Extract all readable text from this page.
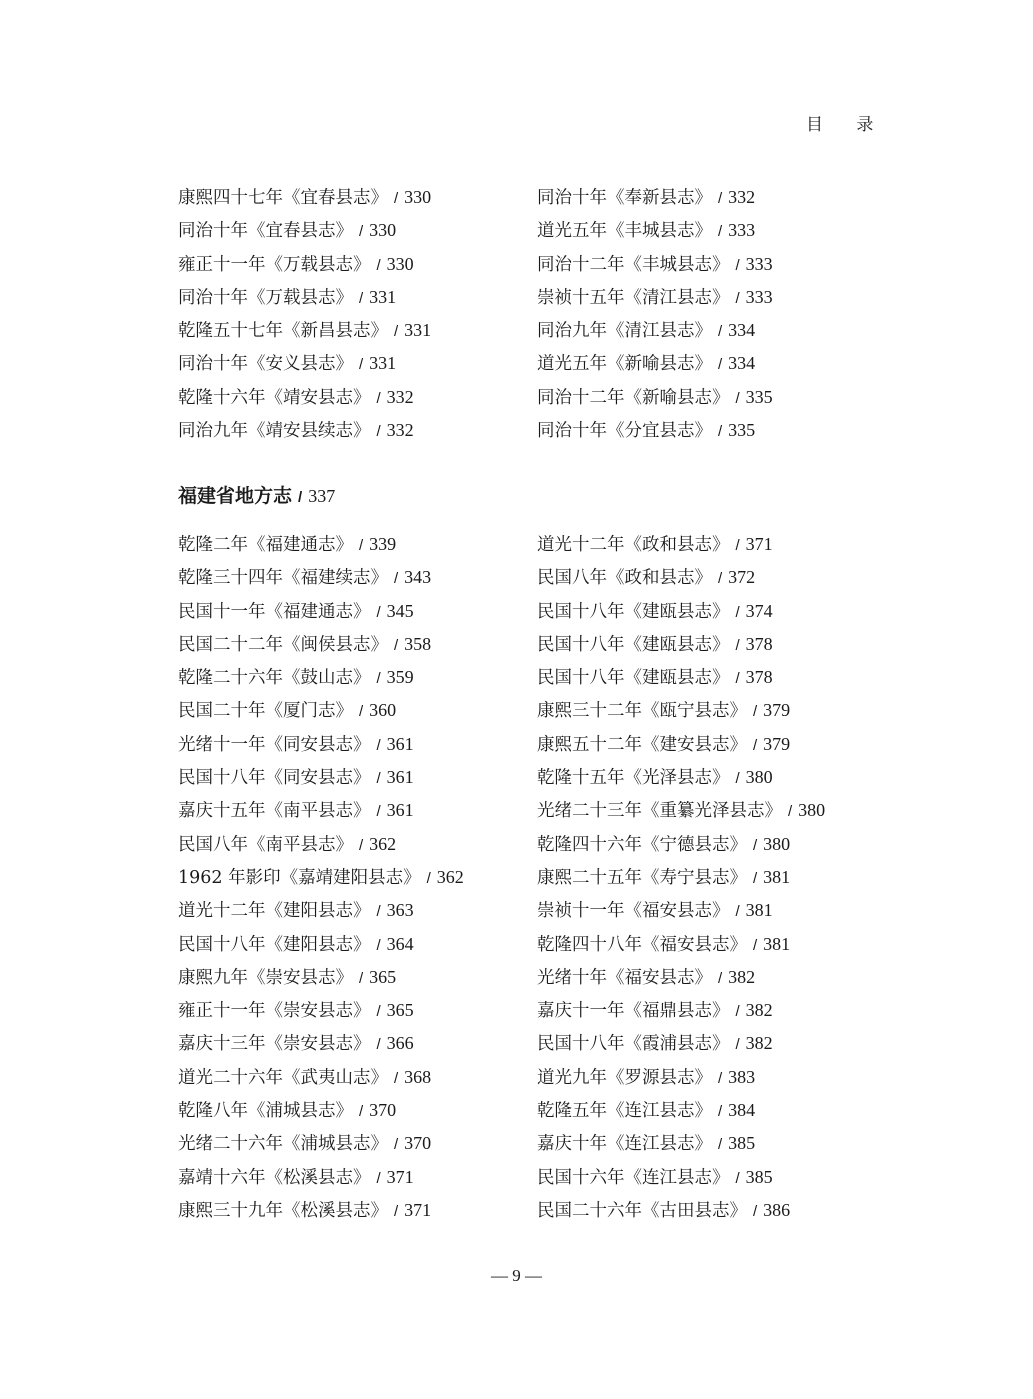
目 录
康熙四十七年《宜春县志》 / 330
同治十年《宜春县志》 / 330
雍正十一年《万载县志》 / 330
同治十年《万载县志》 / 331
乾隆五十七年《新昌县志》 / 331
同治十年《安义县志》 / 331
乾隆十六年《靖安县志》 / 332
同治九年《靖安县续志》 / 332
同治十年《奉新县志》 / 332
道光五年《丰城县志》 / 333
同治十二年《丰城县志》 / 333
崇祯十五年《清江县志》 / 333
同治九年《清江县志》 / 334
道光五年《新喻县志》 / 334
同治十二年《新喻县志》 / 335
同治十年《分宜县志》 / 335
福建省地方志 / 337
乾隆二年《福建通志》 / 339
乾隆三十四年《福建续志》 / 343
民国十一年《福建通志》 / 345
民国二十二年《闽侯县志》 / 358
乾隆二十六年《鼓山志》 / 359
民国二十年《厦门志》 / 360
光绪十一年《同安县志》 / 361
民国十八年《同安县志》 / 361
嘉庆十五年《南平县志》 / 361
民国八年《南平县志》 / 362
1962 年影印《嘉靖建阳县志》 / 362
道光十二年《建阳县志》 / 363
民国十八年《建阳县志》 / 364
康熙九年《崇安县志》 / 365
雍正十一年《崇安县志》 / 365
嘉庆十三年《崇安县志》 / 366
道光二十六年《武夷山志》 / 368
乾隆八年《浦城县志》 / 370
光绪二十六年《浦城县志》 / 370
嘉靖十六年《松溪县志》 / 371
康熙三十九年《松溪县志》 / 371
道光十二年《政和县志》 / 371
民国八年《政和县志》 / 372
民国十八年《建瓯县志》 / 374
民国十八年《建瓯县志》 / 378
民国十八年《建瓯县志》 / 378
康熙三十二年《瓯宁县志》 / 379
康熙五十二年《建安县志》 / 379
乾隆十五年《光泽县志》 / 380
光绪二十三年《重纂光泽县志》 / 380
乾隆四十六年《宁德县志》 / 380
康熙二十五年《寿宁县志》 / 381
崇祯十一年《福安县志》 / 381
乾隆四十八年《福安县志》 / 381
光绪十年《福安县志》 / 382
嘉庆十一年《福鼎县志》 / 382
民国十八年《霞浦县志》 / 382
道光九年《罗源县志》 / 383
乾隆五年《连江县志》 / 384
嘉庆十年《连江县志》 / 385
民国十六年《连江县志》 / 385
民国二十六年《古田县志》 / 386
— 9 —
